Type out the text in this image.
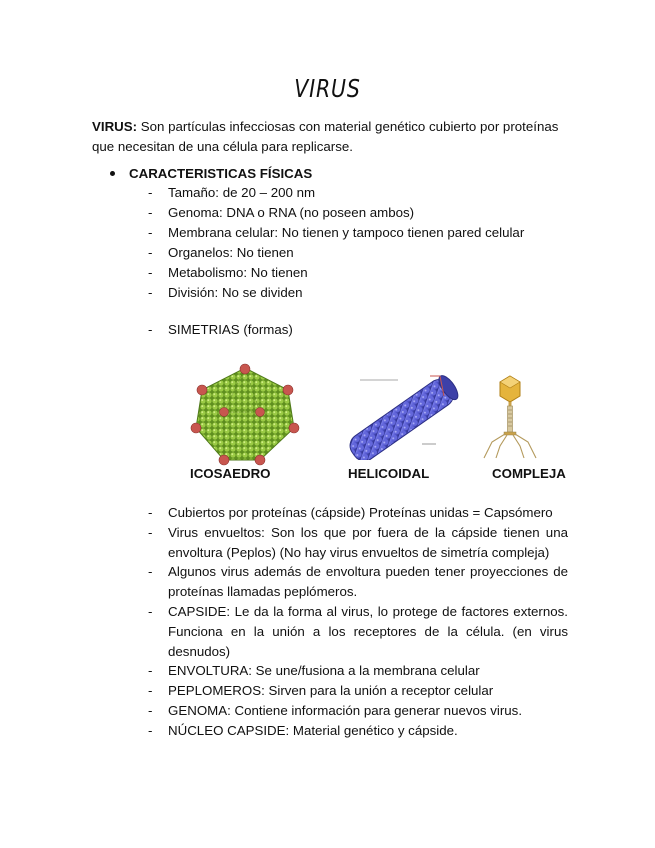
VIRUS
VIRUS: Son partículas infecciosas con material genético cubierto por proteínas que necesitan de una célula para replicarse.
CARACTERISTICAS FÍSICAS
- Tamaño: de 20 – 200 nm
- Genoma: DNA o RNA (no poseen ambos)
- Membrana celular: No tienen y tampoco tienen pared celular
- Organelos: No tienen
- Metabolismo: No tienen
- División: No se dividen
- SIMETRIAS (formas)
ICOSAEDRO	HELICOIDAL	COMPLEJA
- Cubiertos por proteínas (cápside) Proteínas unidas = Capsómero
- Virus envueltos: Son los que por fuera de la cápside tienen una envoltura (Peplos) (No hay virus envueltos de simetría compleja)
- Algunos virus además de envoltura pueden tener proyecciones de proteínas llamadas peplómeros.
- CAPSIDE: Le da la forma al virus, lo protege de factores externos. Funciona en la unión a los receptores de la célula. (en virus desnudos)
- ENVOLTURA: Se une/fusiona a la membrana celular
- PEPLOMEROS: Sirven para la unión a receptor celular
- GENOMA: Contiene información para generar nuevos virus.
- NÚCLEO CAPSIDE: Material genético y cápside.
